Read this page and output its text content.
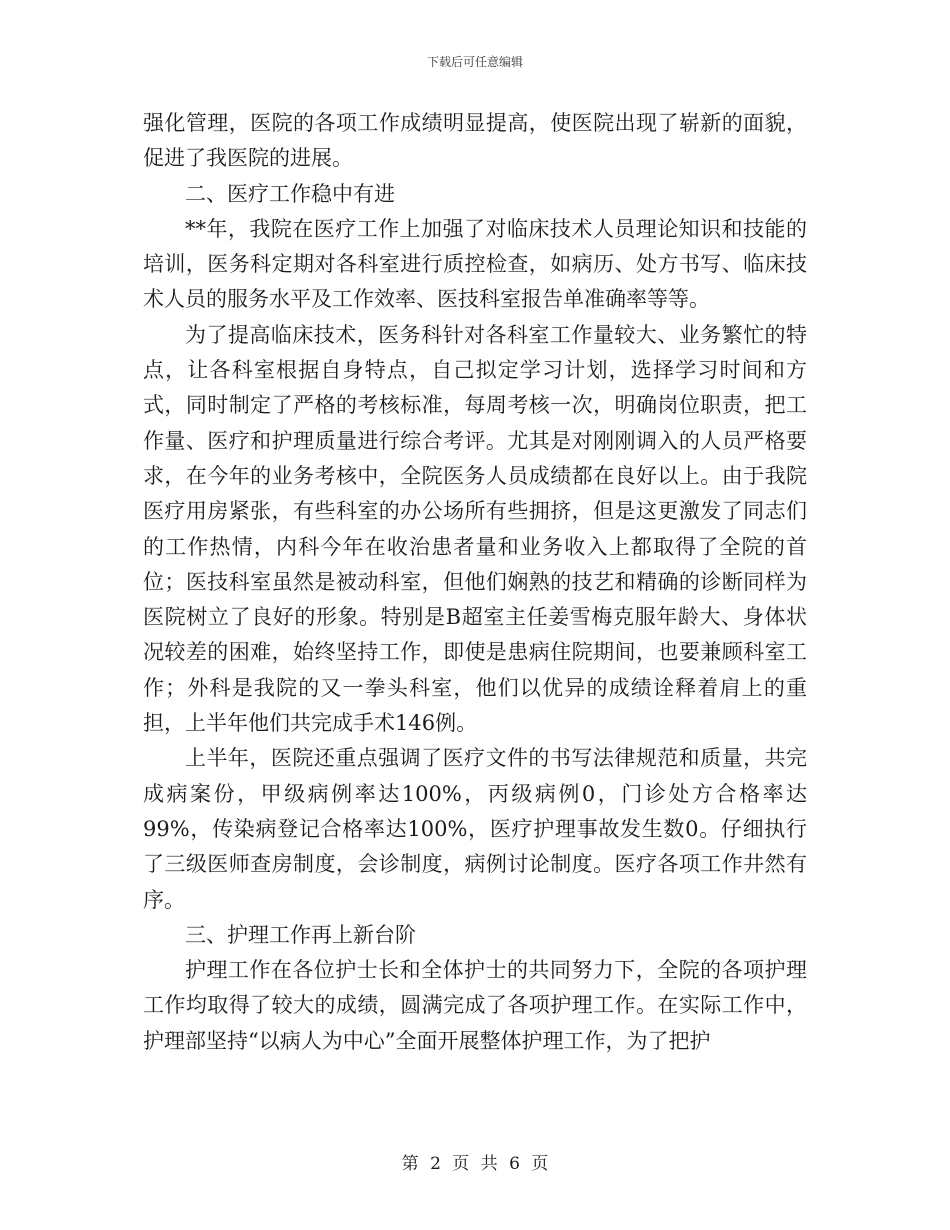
下载后可任意编辑

强化管理，医院的各项工作成绩明显提高，使医院出现了崭新的面貌，促进了我医院的进展。

二、医疗工作稳中有进

**年，我院在医疗工作上加强了对临床技术人员理论知识和技能的培训，医务科定期对各科室进行质控检查，如病历、处方书写、临床技术人员的服务水平及工作效率、医技科室报告单准确率等等。

为了提高临床技术，医务科针对各科室工作量较大、业务繁忙的特点，让各科室根据自身特点，自己拟定学习计划，选择学习时间和方式，同时制定了严格的考核标准，每周考核一次，明确岗位职责，把工作量、医疗和护理质量进行综合考评。尤其是对刚刚调入的人员严格要求，在今年的业务考核中，全院医务人员成绩都在良好以上。由于我院医疗用房紧张，有些科室的办公场所有些拥挤，但是这更激发了同志们的工作热情，内科今年在收治患者量和业务收入上都取得了全院的首位；医技科室虽然是被动科室，但他们娴熟的技艺和精确的诊断同样为医院树立了良好的形象。特别是B超室主任姜雪梅克服年龄大、身体状况较差的困难，始终坚持工作，即使是患病住院期间，也要兼顾科室工作；外科是我院的又一拳头科室，他们以优异的成绩诠释着肩上的重担，上半年他们共完成手术146例。

上半年，医院还重点强调了医疗文件的书写法律规范和质量，共完成病案份，甲级病例率达100%，丙级病例0，门诊处方合格率达99%，传染病登记合格率达100%，医疗护理事故发生数0。仔细执行了三级医师查房制度，会诊制度，病例讨论制度。医疗各项工作井然有序。

三、护理工作再上新台阶

护理工作在各位护士长和全体护士的共同努力下，全院的各项护理工作均取得了较大的成绩，圆满完成了各项护理工作。在实际工作中，护理部坚持“以病人为中心”全面开展整体护理工作，为了把护

第 2 页 共 6 页
